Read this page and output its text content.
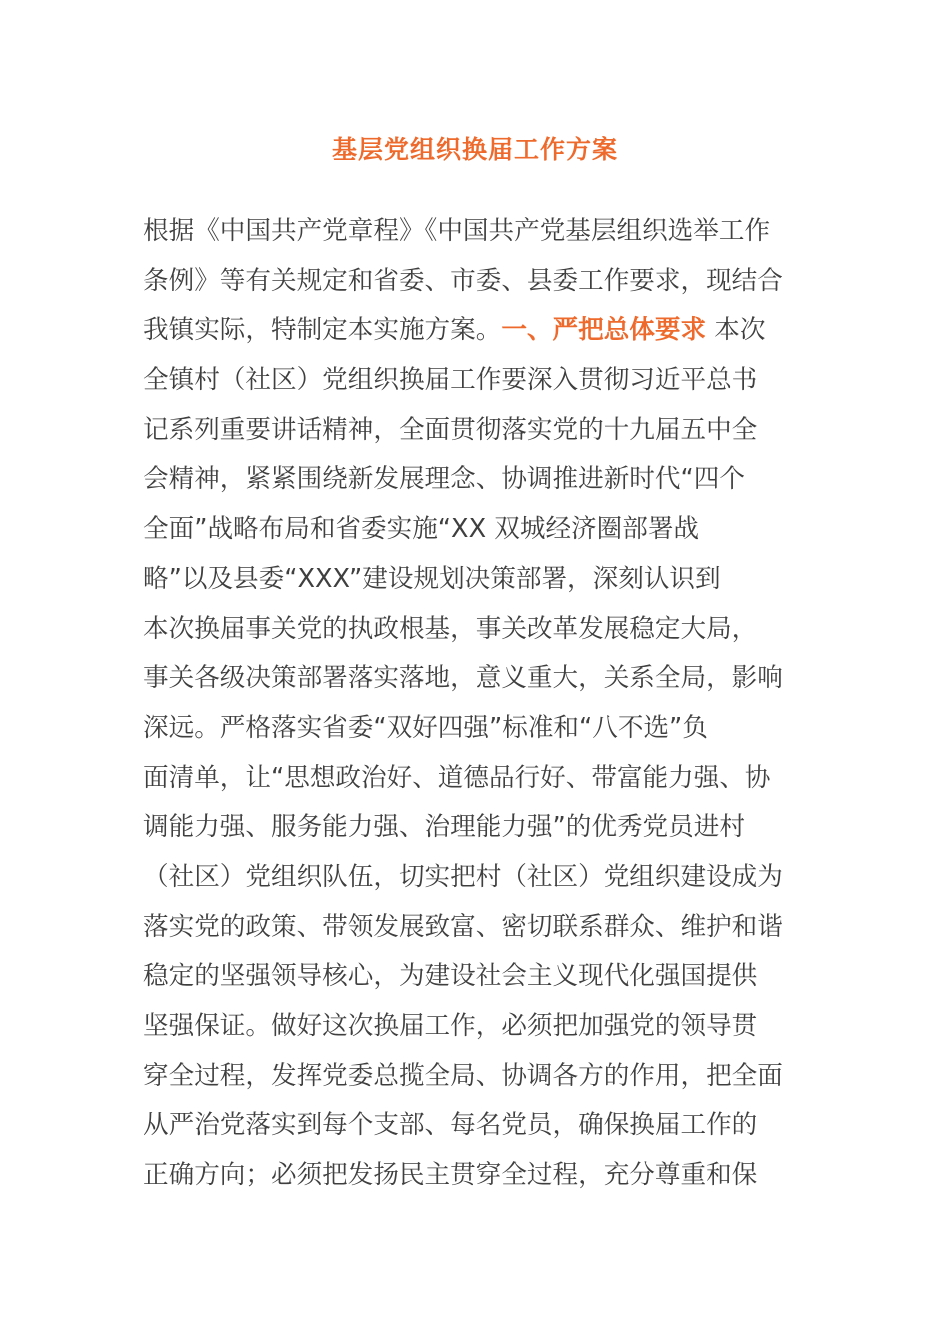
基层党组织换届工作方案
根据《中国共产党章程》《中国共产党基层组织选举工作
条例》等有关规定和省委、市委、县委工作要求，现结合
我镇实际，特制定本实施方案。一、严把总体要求 本次
全镇村（社区）党组织换届工作要深入贯彻习近平总书
记系列重要讲话精神，全面贯彻落实党的十九届五中全
会精神，紧紧围绕新发展理念、协调推进新时代“四个
全面”战略布局和省委实施“XX 双城经济圈部署战
略”以及县委“XXX”建设规划决策部署，深刻认识到
本次换届事关党的执政根基，事关改革发展稳定大局，
事关各级决策部署落实落地，意义重大，关系全局，影响
深远。严格落实省委“双好四强”标准和“八不选”负
面清单，让“思想政治好、道德品行好、带富能力强、协
调能力强、服务能力强、治理能力强”的优秀党员进村
（社区）党组织队伍，切实把村（社区）党组织建设成为
落实党的政策、带领发展致富、密切联系群众、维护和谐
稳定的坚强领导核心，为建设社会主义现代化强国提供
坚强保证。做好这次换届工作，必须把加强党的领导贯
穿全过程，发挥党委总揽全局、协调各方的作用，把全面
从严治党落实到每个支部、每名党员，确保换届工作的
正确方向；必须把发扬民主贯穿全过程，充分尊重和保
